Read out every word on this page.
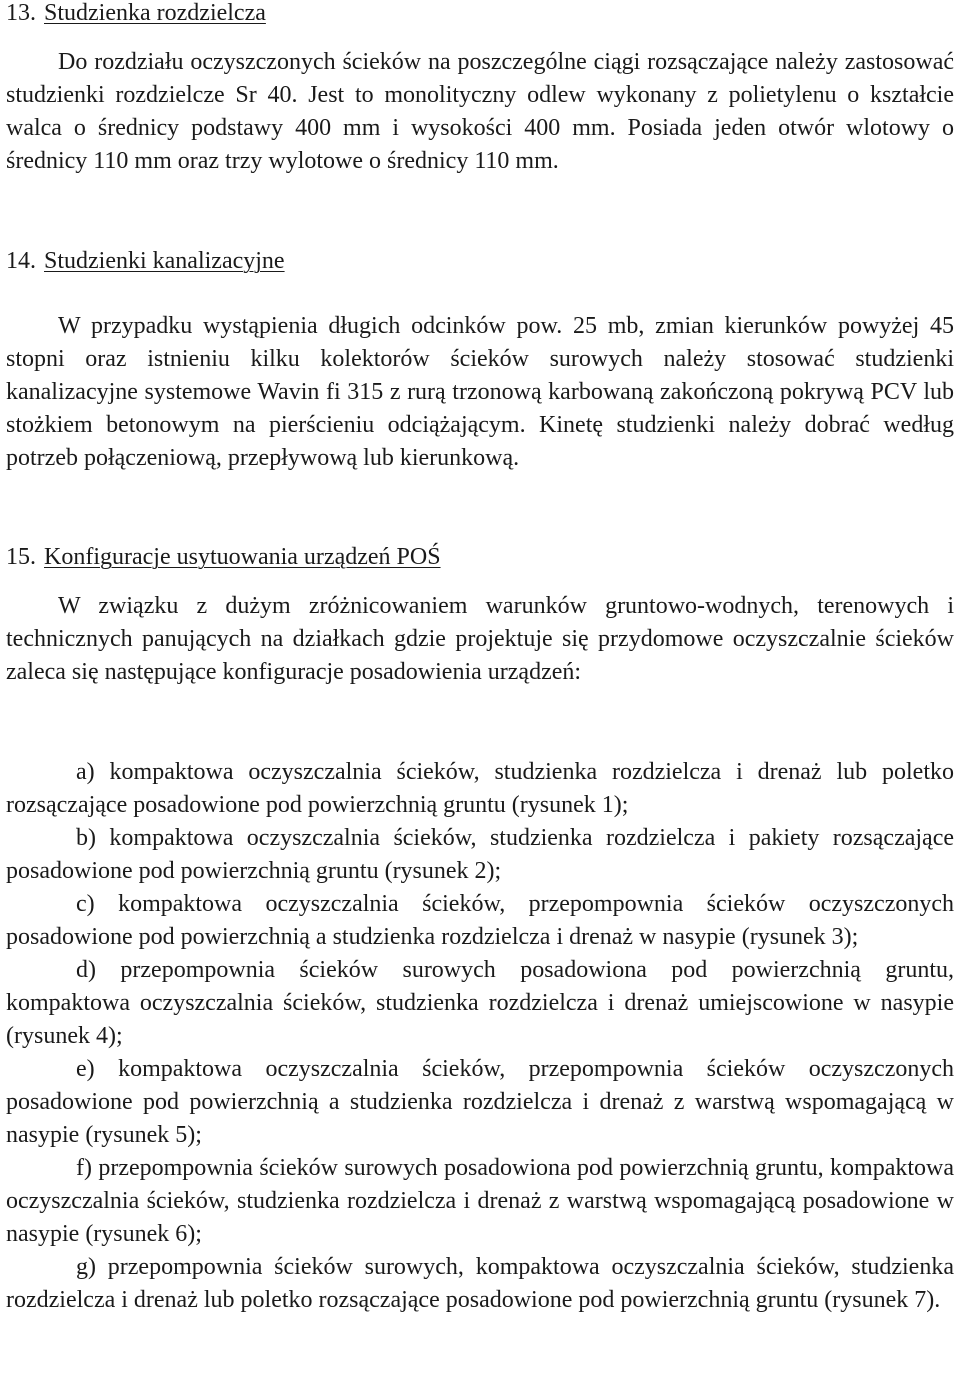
13. Studzienka rozdzielcza

Do rozdziału oczyszczonych ścieków na poszczególne ciągi rozsączające należy zastosować studzienki rozdzielcze Sr 40. Jest to monolityczny odlew wykonany z polietylenu o kształcie walca o średnicy podstawy 400 mm i wysokości 400 mm. Posiada jeden otwór wlotowy o średnicy 110 mm oraz trzy wylotowe o średnicy 110 mm.

14. Studzienki kanalizacyjne

W przypadku wystąpienia długich odcinków pow. 25 mb, zmian kierunków powyżej 45 stopni oraz istnieniu kilku kolektorów ścieków surowych należy stosować studzienki kanalizacyjne systemowe Wavin fi 315 z rurą trzonową karbowaną zakończoną pokrywą PCV lub stożkiem betonowym na pierścieniu odciążającym. Kinetę studzienki należy dobrać według potrzeb połączeniową, przepływową lub kierunkową.

15. Konfiguracje usytuowania urządzeń POŚ

W związku z dużym zróżnicowaniem warunków gruntowo-wodnych, terenowych i technicznych panujących na działkach gdzie projektuje się przydomowe oczyszczalnie ścieków zaleca się następujące konfiguracje posadowienia urządzeń:

a) kompaktowa oczyszczalnia ścieków, studzienka rozdzielcza i drenaż lub poletko rozsączające posadowione pod powierzchnią gruntu (rysunek 1);

b) kompaktowa oczyszczalnia ścieków, studzienka rozdzielcza i pakiety rozsączające posadowione pod powierzchnią gruntu (rysunek 2);

c) kompaktowa oczyszczalnia ścieków, przepompownia ścieków oczyszczonych posadowione pod powierzchnią a studzienka rozdzielcza i drenaż w nasypie (rysunek 3);

d) przepompownia ścieków surowych posadowiona pod powierzchnią gruntu, kompaktowa oczyszczalnia ścieków, studzienka rozdzielcza i drenaż umiejscowione w nasypie (rysunek 4);

e) kompaktowa oczyszczalnia ścieków, przepompownia ścieków oczyszczonych posadowione pod powierzchnią a studzienka rozdzielcza i drenaż z warstwą wspomagającą w nasypie (rysunek 5);

f) przepompownia ścieków surowych posadowiona pod powierzchnią gruntu, kompaktowa oczyszczalnia ścieków, studzienka rozdzielcza i drenaż z warstwą wspomagającą posadowione w nasypie (rysunek 6);

g) przepompownia ścieków surowych, kompaktowa oczyszczalnia ścieków, studzienka rozdzielcza i drenaż lub poletko rozsączające posadowione pod powierzchnią gruntu (rysunek 7).
